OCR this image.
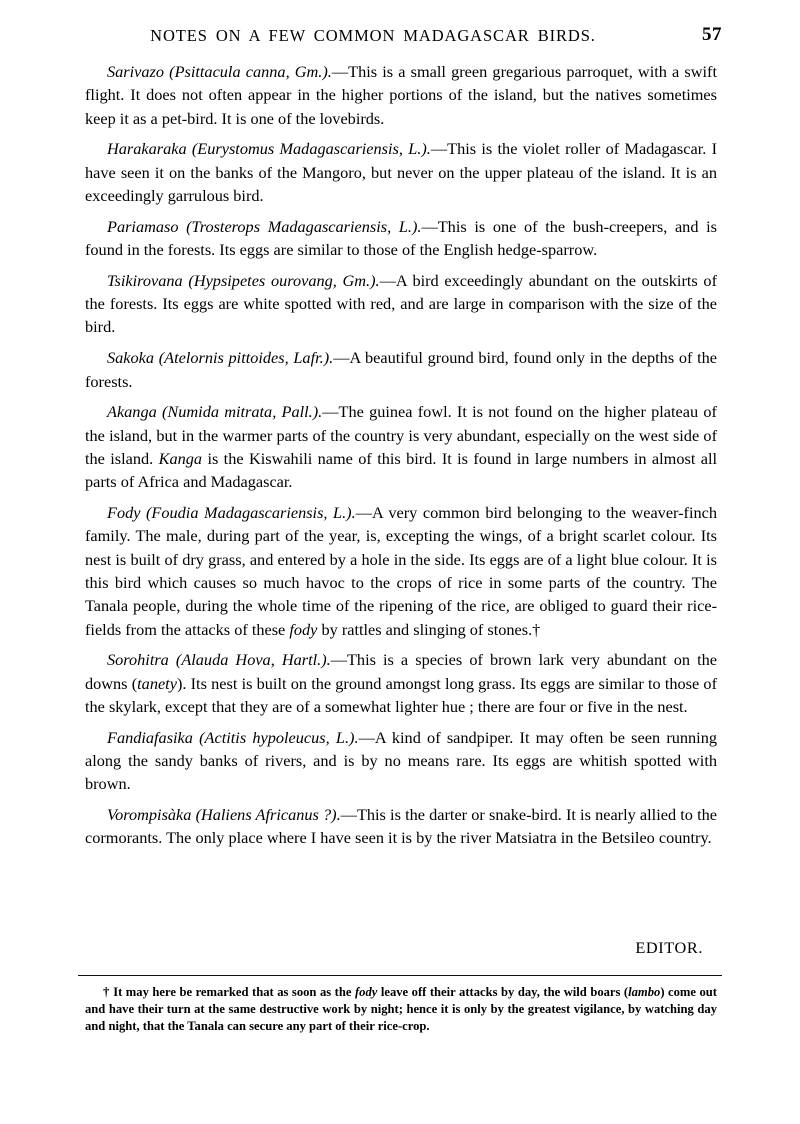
NOTES ON A FEW COMMON MADAGASCAR BIRDS.	57

Sarivazo (Psittacula canna, Gm.).—This is a small green gregarious parroquet, with a swift flight. It does not often appear in the higher portions of the island, but the natives sometimes keep it as a pet-bird. It is one of the lovebirds.

Harakaraka (Eurystomus Madagascariensis, L.).—This is the violet roller of Madagascar. I have seen it on the banks of the Mangoro, but never on the upper plateau of the island. It is an exceedingly garrulous bird.

Pariamaso (Trosterops Madagascariensis, L.).—This is one of the bush-creepers, and is found in the forests. Its eggs are similar to those of the English hedge-sparrow.

Tsikirovana (Hypsipetes ourovang, Gm.).—A bird exceedingly abundant on the outskirts of the forests. Its eggs are white spotted with red, and are large in comparison with the size of the bird.

Sakoka (Atelornis pittoides, Lafr.).—A beautiful ground bird, found only in the depths of the forests.

Akanga (Numida mitrata, Pall.).—The guinea fowl. It is not found on the higher plateau of the island, but in the warmer parts of the country is very abundant, especially on the west side of the island. Kanga is the Kiswahili name of this bird. It is found in large numbers in almost all parts of Africa and Madagascar.

Fody (Foudia Madagascariensis, L.).—A very common bird belonging to the weaver-finch family. The male, during part of the year, is, excepting the wings, of a bright scarlet colour. Its nest is built of dry grass, and entered by a hole in the side. Its eggs are of a light blue colour. It is this bird which causes so much havoc to the crops of rice in some parts of the country. The Tanala people, during the whole time of the ripening of the rice, are obliged to guard their rice-fields from the attacks of these fody by rattles and slinging of stones.†

Sorohitra (Alauda Hova, Hartl.).—This is a species of brown lark very abundant on the downs (tanety). Its nest is built on the ground amongst long grass. Its eggs are similar to those of the skylark, except that they are of a somewhat lighter hue ; there are four or five in the nest.

Fandiafasika (Actitis hypoleucus, L.).—A kind of sandpiper. It may often be seen running along the sandy banks of rivers, and is by no means rare. Its eggs are whitish spotted with brown.

Vorompisàka (Haliens Africanus ?).—This is the darter or snake-bird. It is nearly allied to the cormorants. The only place where I have seen it is by the river Matsiatra in the Betsileo country.

EDITOR.

† It may here be remarked that as soon as the fody leave off their attacks by day, the wild boars (lambo) come out and have their turn at the same destructive work by night; hence it is only by the greatest vigilance, by watching day and night, that the Tanala can secure any part of their rice-crop.
